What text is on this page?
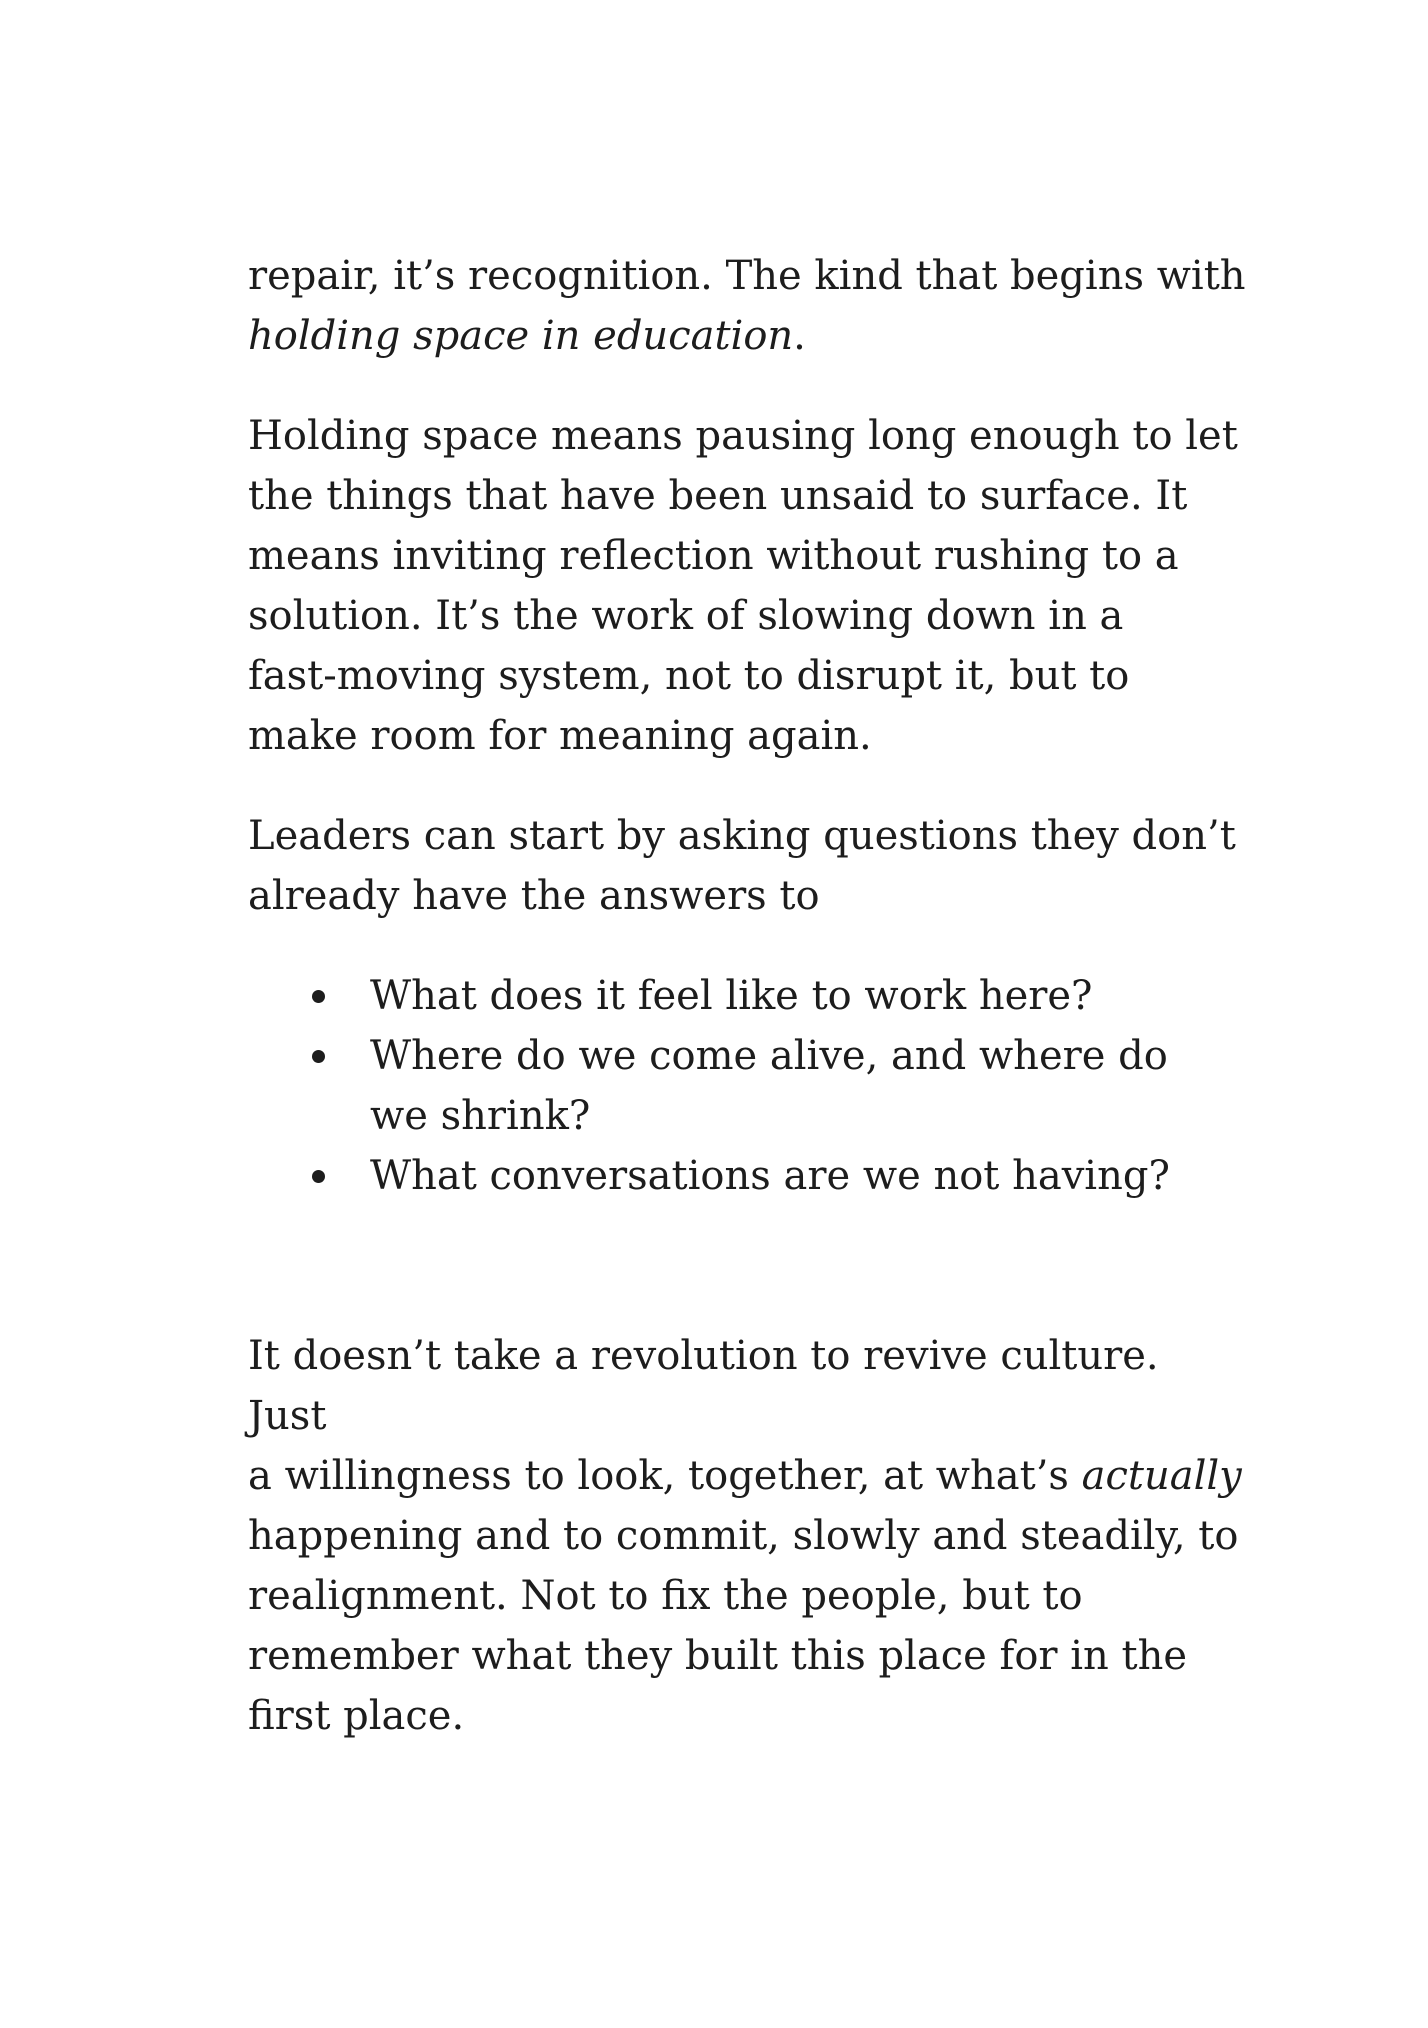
repair, it’s recognition. The kind that begins with
holding space in education.

Holding space means pausing long enough to let
the things that have been unsaid to surface. It
means inviting reflection without rushing to a
solution. It’s the work of slowing down in a
fast-moving system, not to disrupt it, but to
make room for meaning again.

Leaders can start by asking questions they don’t
already have the answers to

What does it feel like to work here?
Where do we come alive, and where do we shrink?
What conversations are we not having?

It doesn’t take a revolution to revive culture. Just
a willingness to look, together, at what’s actually
happening and to commit, slowly and steadily, to
realignment. Not to fix the people, but to
remember what they built this place for in the
first place.
